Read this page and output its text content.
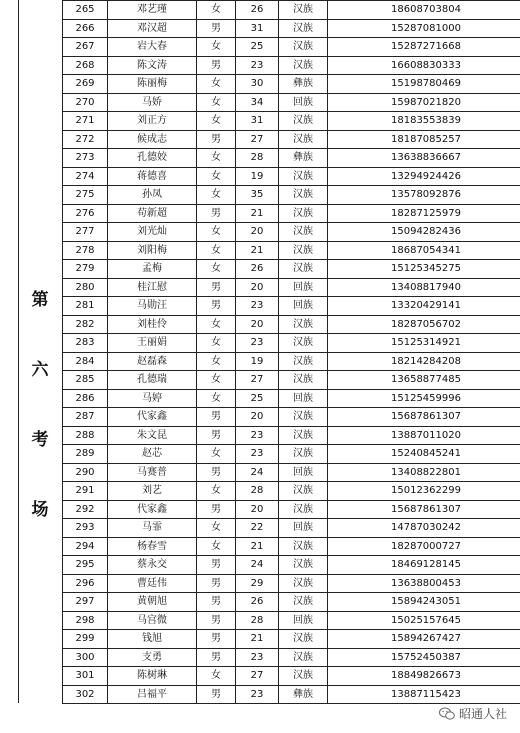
第
六
考
场
265	邓艺瑾	女	26	汉族	18608703804
266	邓汉超	男	31	汉族	15287081000
267	岩大春	女	25	汉族	15287271668
268	陈文涛	男	23	汉族	16608830333
269	陈丽梅	女	30	彝族	15198780469
270	马娇	女	34	回族	15987021820
271	刘正方	女	31	汉族	18183553839
272	候成志	男	27	汉族	18187085257
273	孔德姣	女	28	彝族	13638836667
274	蒋德喜	女	19	汉族	13294924426
275	孙凤	女	35	汉族	13578092876
276	苟新超	男	21	汉族	18287125979
277	刘光灿	女	20	汉族	15094282436
278	刘阳梅	女	21	汉族	18687054341
279	孟梅	女	26	汉族	15125345275
280	桂江慰	男	20	回族	13408817940
281	马勋汪	男	23	回族	13320429141
282	刘桂伶	女	20	汉族	18287056702
283	王丽娟	女	23	汉族	15125314921
284	赵磊森	女	19	汉族	18214284208
285	孔德瑞	女	27	汉族	13658877485
286	马婷	女	25	回族	15125459996
287	代家鑫	男	20	汉族	15687861307
288	朱文昆	男	23	汉族	13887011020
289	赵芯	女	23	汉族	15240845241
290	马赛普	男	24	回族	13408822801
291	刘艺	女	28	汉族	15012362299
292	代家鑫	男	20	汉族	15687861307
293	马霏	女	22	回族	14787030242
294	杨春雪	女	21	汉族	18287000727
295	蔡永交	男	24	汉族	18469128145
296	曹廷伟	男	29	汉族	13638800453
297	黄朝旭	男	26	汉族	15894243051
298	马宫微	男	28	回族	15025157645
299	钱旭	男	21	汉族	15894267427
300	支勇	男	23	汉族	15752450387
301	陈树琳	女	27	汉族	18849826673
302	吕福平	男	23	彝族	13887115423
昭通人社
